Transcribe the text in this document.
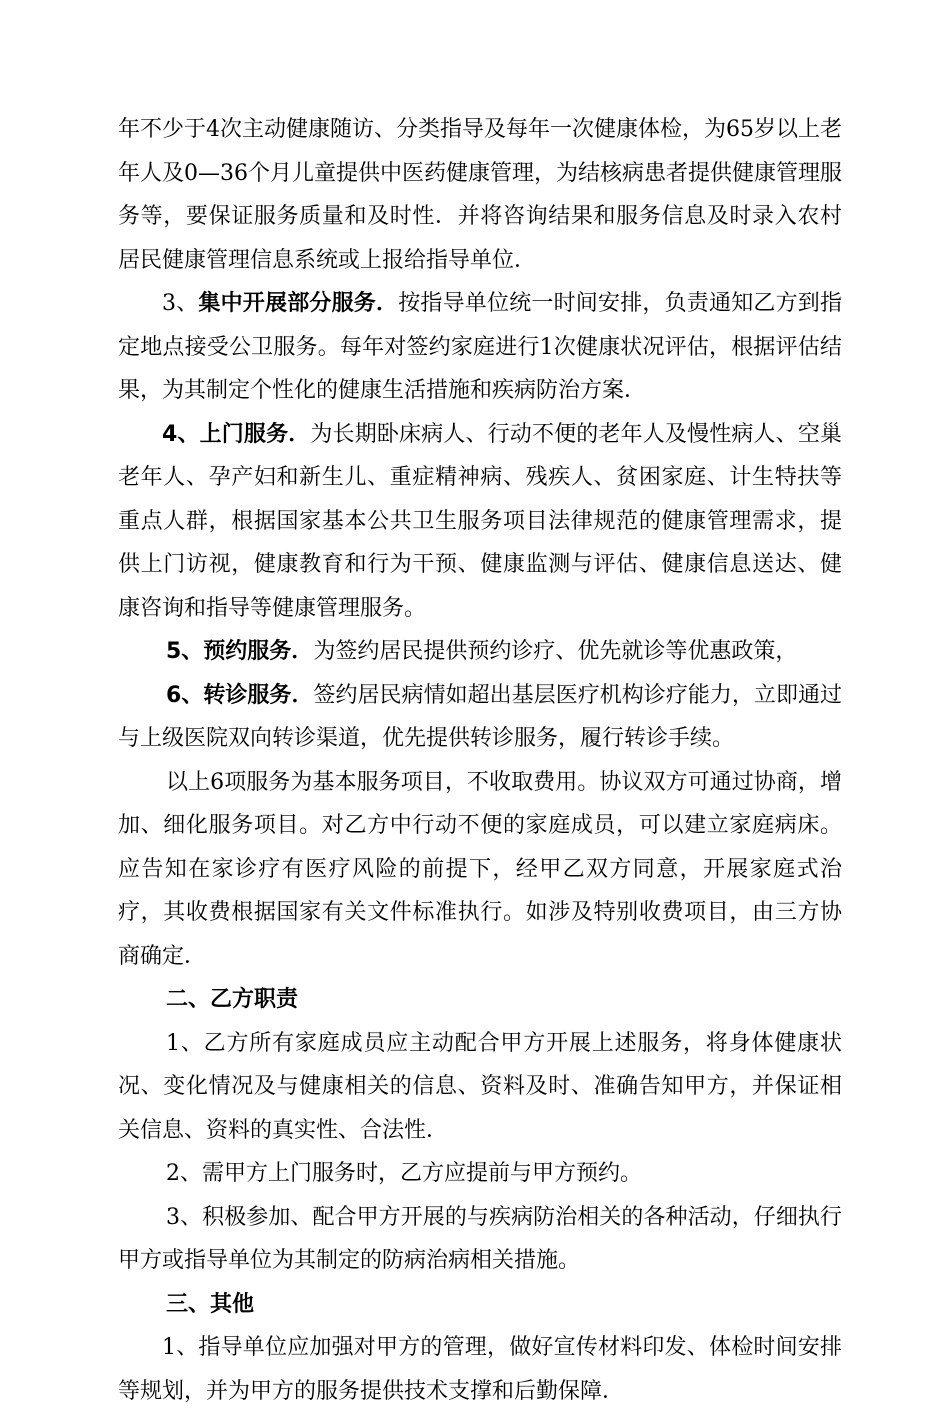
年不少于4次主动健康随访、分类指导及每年一次健康体检，为65岁以上老年人及0—36个月儿童提供中医药健康管理，为结核病患者提供健康管理服务等，要保证服务质量和及时性．并将咨询结果和服务信息及时录入农村居民健康管理信息系统或上报给指导单位．

3、集中开展部分服务．按指导单位统一时间安排，负责通知乙方到指定地点接受公卫服务。每年对签约家庭进行1次健康状况评估，根据评估结果，为其制定个性化的健康生活措施和疾病防治方案．

4、上门服务．为长期卧床病人、行动不便的老年人及慢性病人、空巢老年人、孕产妇和新生儿、重症精神病、残疾人、贫困家庭、计生特扶等重点人群，根据国家基本公共卫生服务项目法律规范的健康管理需求，提供上门访视，健康教育和行为干预、健康监测与评估、健康信息送达、健康咨询和指导等健康管理服务。

5、预约服务．为签约居民提供预约诊疗、优先就诊等优惠政策，

6、转诊服务．签约居民病情如超出基层医疗机构诊疗能力，立即通过与上级医院双向转诊渠道，优先提供转诊服务，履行转诊手续。

以上6项服务为基本服务项目，不收取费用。协议双方可通过协商，增加、细化服务项目。对乙方中行动不便的家庭成员，可以建立家庭病床。应告知在家诊疗有医疗风险的前提下，经甲乙双方同意，开展家庭式治疗，其收费根据国家有关文件标准执行。如涉及特别收费项目，由三方协商确定．

二、乙方职责

1、乙方所有家庭成员应主动配合甲方开展上述服务，将身体健康状况、变化情况及与健康相关的信息、资料及时、准确告知甲方，并保证相关信息、资料的真实性、合法性．

2、需甲方上门服务时，乙方应提前与甲方预约。

3、积极参加、配合甲方开展的与疾病防治相关的各种活动，仔细执行甲方或指导单位为其制定的防病治病相关措施。

三、其他

1、指导单位应加强对甲方的管理，做好宣传材料印发、体检时间安排等规划，并为甲方的服务提供技术支撑和后勤保障．
